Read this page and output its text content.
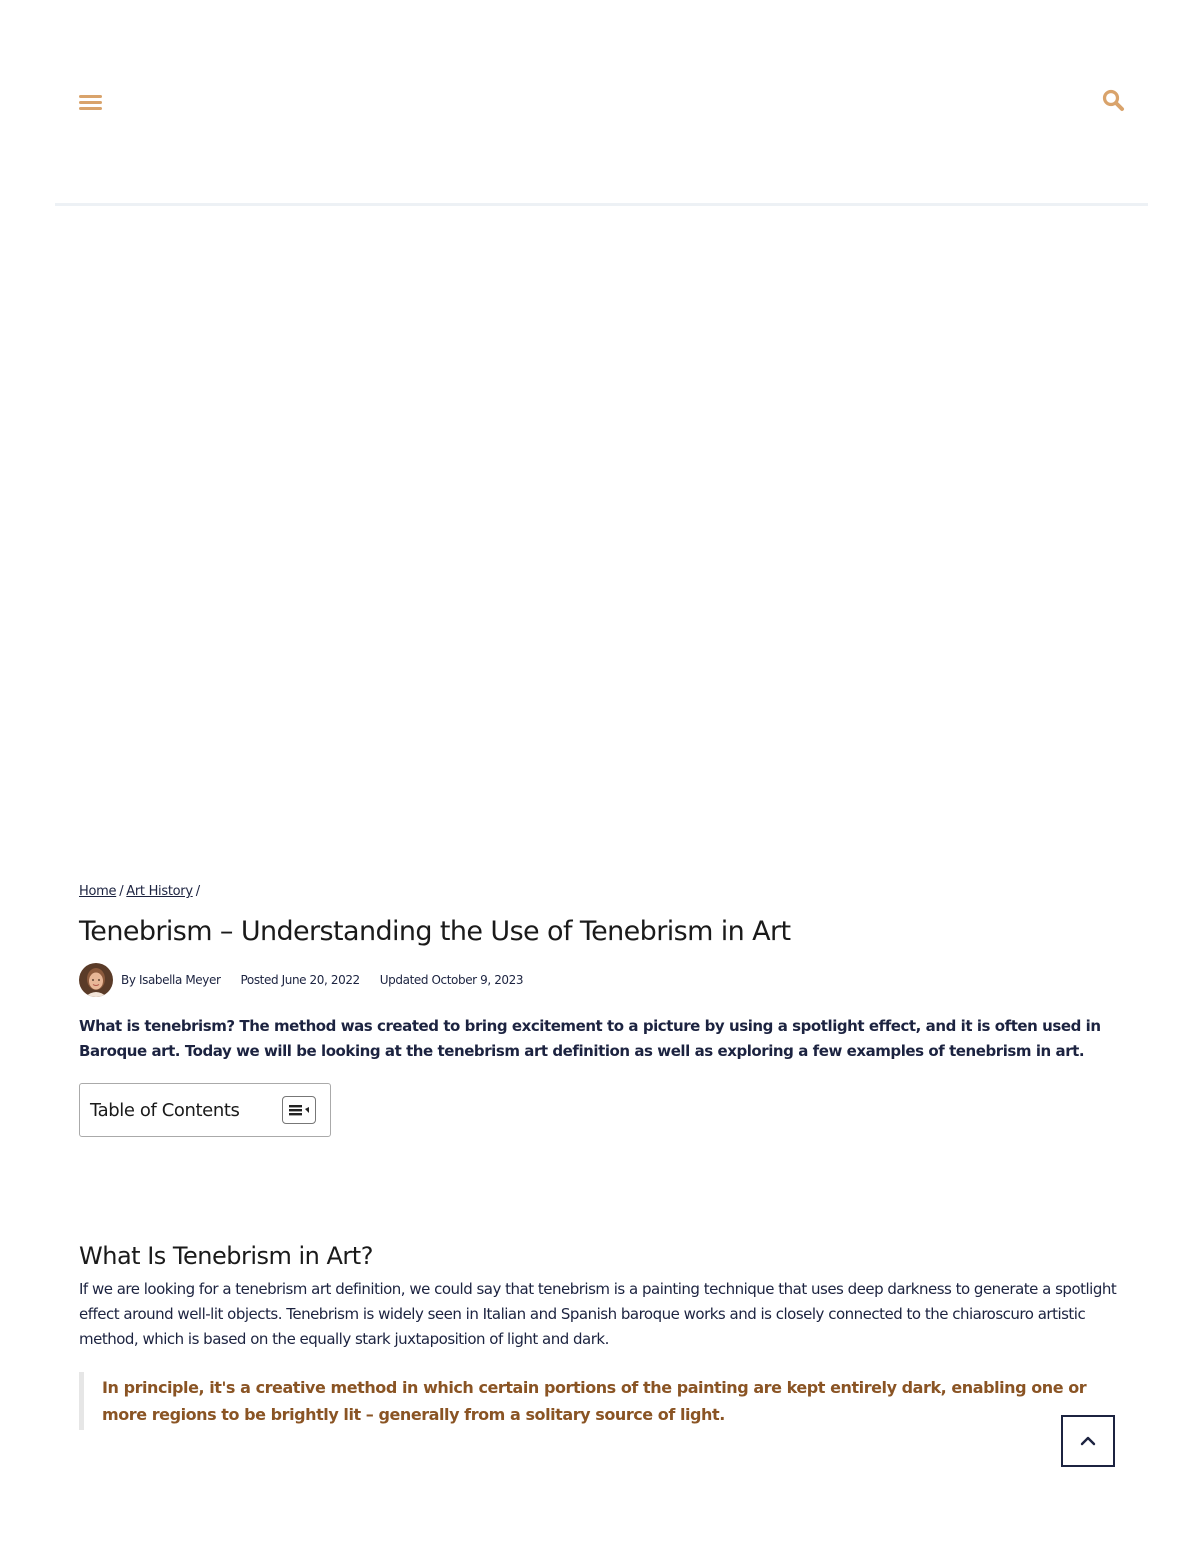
Home / Art History /
Tenebrism – Understanding the Use of Tenebrism in Art
By Isabella Meyer Posted June 20, 2022 Updated October 9, 2023

What is tenebrism? The method was created to bring excitement to a picture by using a spotlight effect, and it is often used in Baroque art. Today we will be looking at the tenebrism art definition as well as exploring a few examples of tenebrism in art.

Table of Contents
What Is Tenebrism in Art?

If we are looking for a tenebrism art definition, we could say that tenebrism is a painting technique that uses deep darkness to generate a spotlight effect around well-lit objects. Tenebrism is widely seen in Italian and Spanish baroque works and is closely connected to the chiaroscuro artistic method, which is based on the equally stark juxtaposition of light and dark.

In principle, it's a creative method in which certain portions of the painting are kept entirely dark, enabling one or more regions to be brightly lit – generally from a solitary source of light.
